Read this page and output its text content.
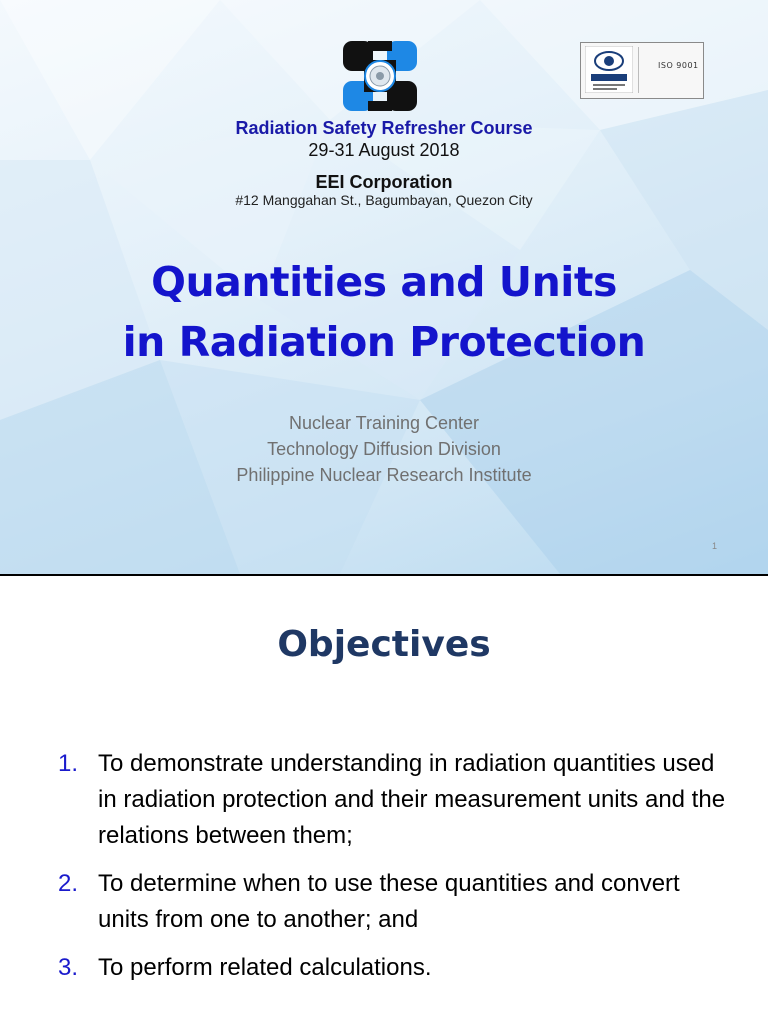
ISO 9001
Radiation Safety Refresher Course
29-31 August 2018
EEI Corporation
#12 Manggahan St., Bagumbayan, Quezon City
Quantities and Units
in Radiation Protection
Nuclear Training Center
Technology Diffusion Division
Philippine Nuclear Research Institute
1
Objectives
1. To demonstrate understanding in radiation quantities used in radiation protection and their measurement units and the relations between them;
2. To determine when to use these quantities and convert units from one to another; and
3. To perform related calculations.
